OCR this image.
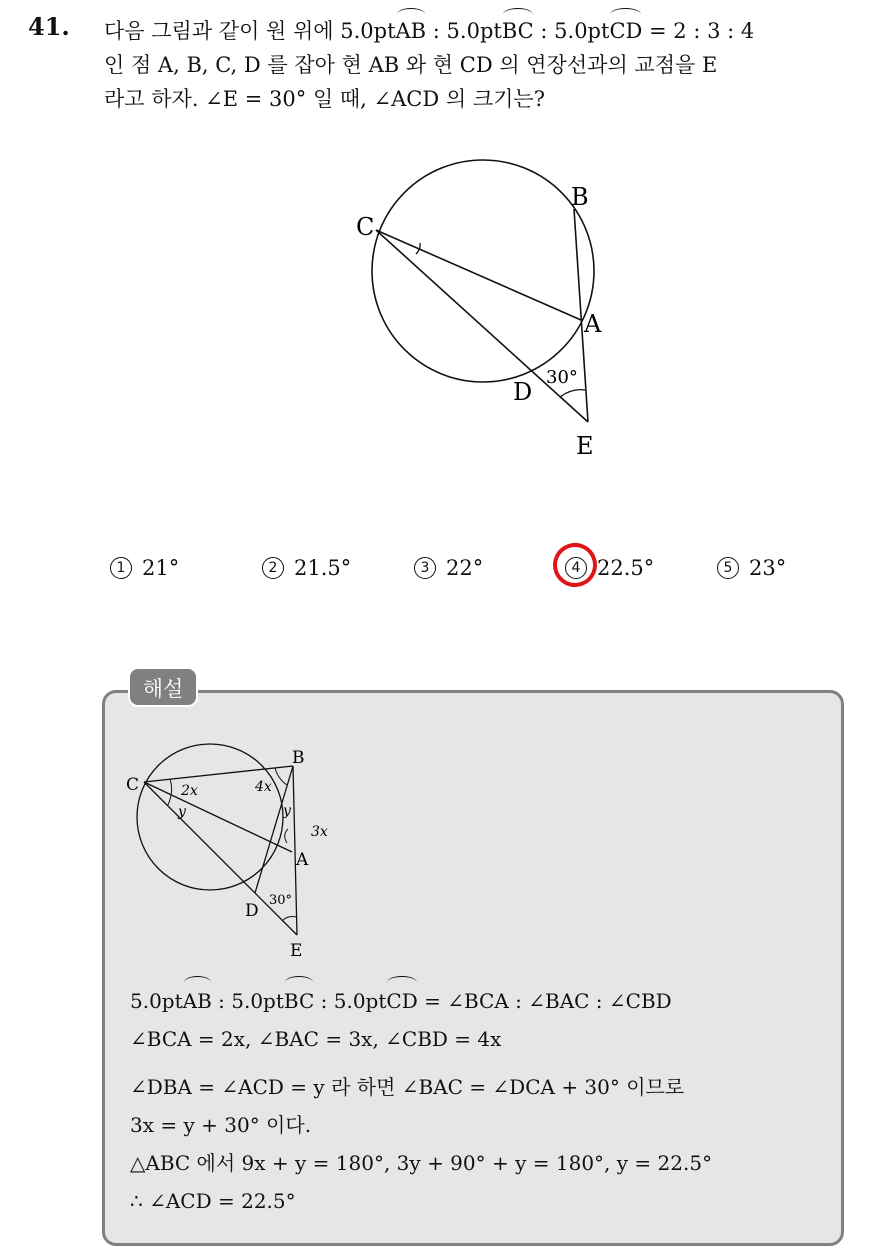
41. 다음 그림과 같이 원 위에 5.0ptAB : 5.0ptBC : 5.0ptCD = 2 : 3 : 4
인 점 A, B, C, D 를 잡아 현 AB 와 현 CD 의 연장선과의 교점을 E
라고 하자. ∠E = 30° 일 때, ∠ACD 의 크기는?
B
C
A
D
E
30°
1 21°	2 21.5°	3 22°	4 22.5°	5 23°
해설
B
C
A
D
E
2x	4x
y	y
3x
30°
5.0ptAB : 5.0ptBC : 5.0ptCD = ∠BCA : ∠BAC : ∠CBD
∠BCA = 2x, ∠BAC = 3x, ∠CBD = 4x
∠DBA = ∠ACD = y 라 하면 ∠BAC = ∠DCA + 30° 이므로
3x = y + 30° 이다.
△ABC 에서 9x + y = 180°, 3y + 90° + y = 180°, y = 22.5°
∴ ∠ACD = 22.5°
